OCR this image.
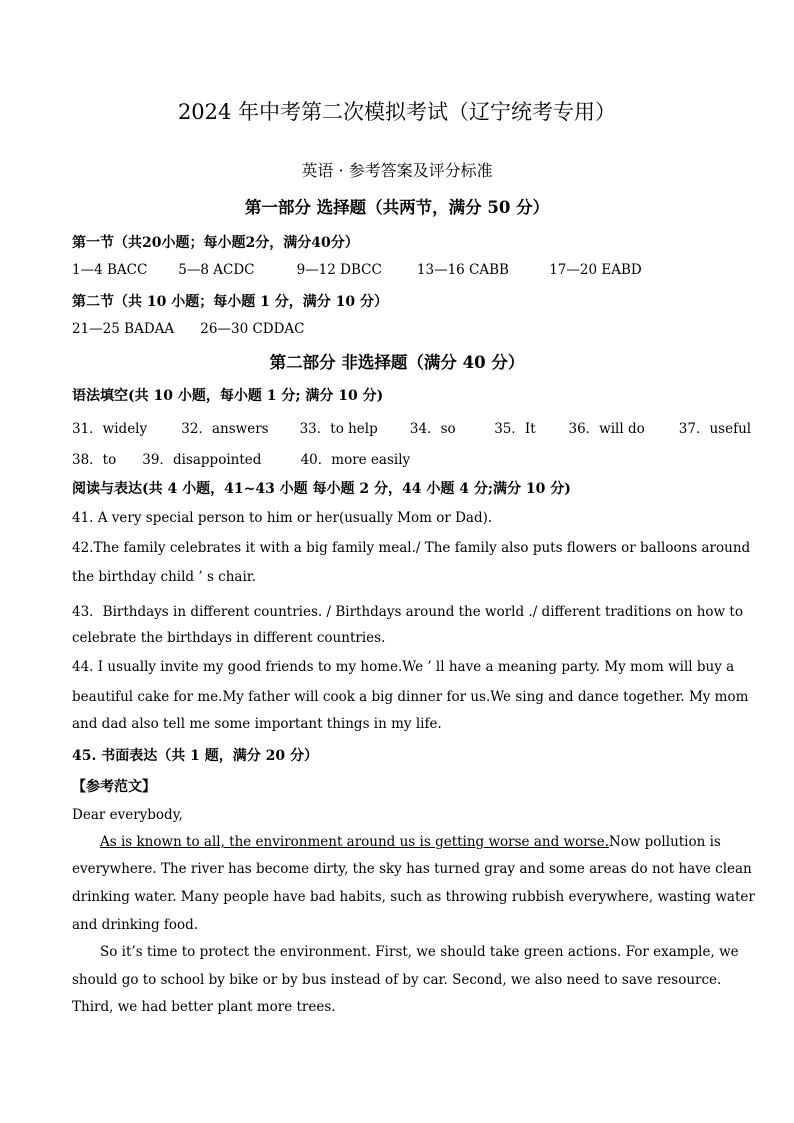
2024 年中考第二次模拟考试（辽宁统考专用）
英语 · 参考答案及评分标准
第一部分 选择题（共两节，满分 50 分）
第一节（共20小题；每小题2分，满分40分）
1—4 BACC 5—8 ACDC	9—12 DBCC	13—16 CABB	17—20 EABD
第二节（共 10 小题；每小题 1 分，满分 10 分）
21—25 BADAA 26—30 CDDAC
第二部分 非选择题（满分 40 分）
语法填空(共 10 小题，每小题 1 分; 满分 10 分)
31．widely	32．answers 33．to help 34．so	35．It 36．will do	37．useful
38．to 39．disappointed	40．more easily
阅读与表达(共 4 小题，41~43 小题 每小题 2 分，44 小题 4 分;满分 10 分)
41. A very special person to him or her(usually Mom or Dad).
42.The family celebrates it with a big family meal./ The family also puts flowers or balloons around
the birthday child ’ s chair.
43．Birthdays in different countries. / Birthdays around the world ./ different traditions on how to
celebrate the birthdays in different countries.
44. I usually invite my good friends to my home.We ’ ll have a meaning party. My mom will buy a
beautiful cake for me.My father will cook a big dinner for us.We sing and dance together. My mom
and dad also tell me some important things in my life.
45. 书面表达（共 1 题，满分 20 分）
【参考范文】
Dear everybody,
As is known to all, the environment around us is getting worse and worse.Now pollution is
everywhere. The river has become dirty, the sky has turned gray and some areas do not have clean
drinking water. Many people have bad habits, such as throwing rubbish everywhere, wasting water
and drinking food.
So it’s time to protect the environment. First, we should take green actions. For example, we
should go to school by bike or by bus instead of by car. Second, we also need to save resource.
Third, we had better plant more trees.
